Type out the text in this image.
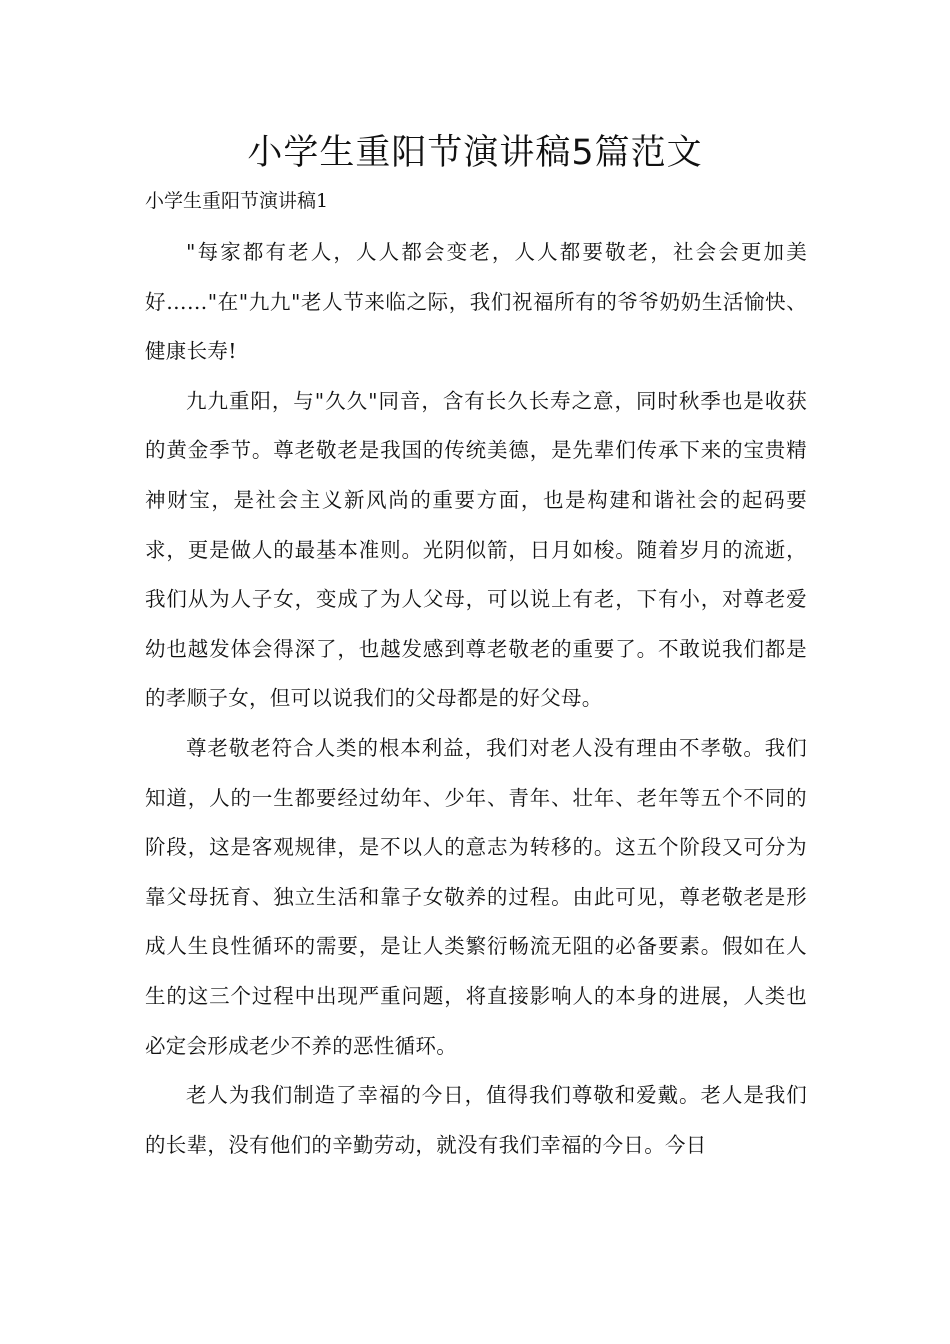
小学生重阳节演讲稿5篇范文
小学生重阳节演讲稿1

"每家都有老人，人人都会变老，人人都要敬老，社会会更加美好……"在"九九"老人节来临之际，我们祝福所有的爷爷奶奶生活愉快、健康长寿!

九九重阳，与"久久"同音，含有长久长寿之意，同时秋季也是收获的黄金季节。尊老敬老是我国的传统美德，是先辈们传承下来的宝贵精神财宝，是社会主义新风尚的重要方面，也是构建和谐社会的起码要求，更是做人的最基本准则。光阴似箭，日月如梭。随着岁月的流逝，我们从为人子女，变成了为人父母，可以说上有老，下有小，对尊老爱幼也越发体会得深了，也越发感到尊老敬老的重要了。不敢说我们都是的孝顺子女，但可以说我们的父母都是的好父母。

尊老敬老符合人类的根本利益，我们对老人没有理由不孝敬。我们知道，人的一生都要经过幼年、少年、青年、壮年、老年等五个不同的阶段，这是客观规律，是不以人的意志为转移的。这五个阶段又可分为靠父母抚育、独立生活和靠子女敬养的过程。由此可见，尊老敬老是形成人生良性循环的需要，是让人类繁衍畅流无阻的必备要素。假如在人生的这三个过程中出现严重问题，将直接影响人的本身的进展，人类也必定会形成老少不养的恶性循环。

老人为我们制造了幸福的今日，值得我们尊敬和爱戴。老人是我们的长辈，没有他们的辛勤劳动，就没有我们幸福的今日。今日
